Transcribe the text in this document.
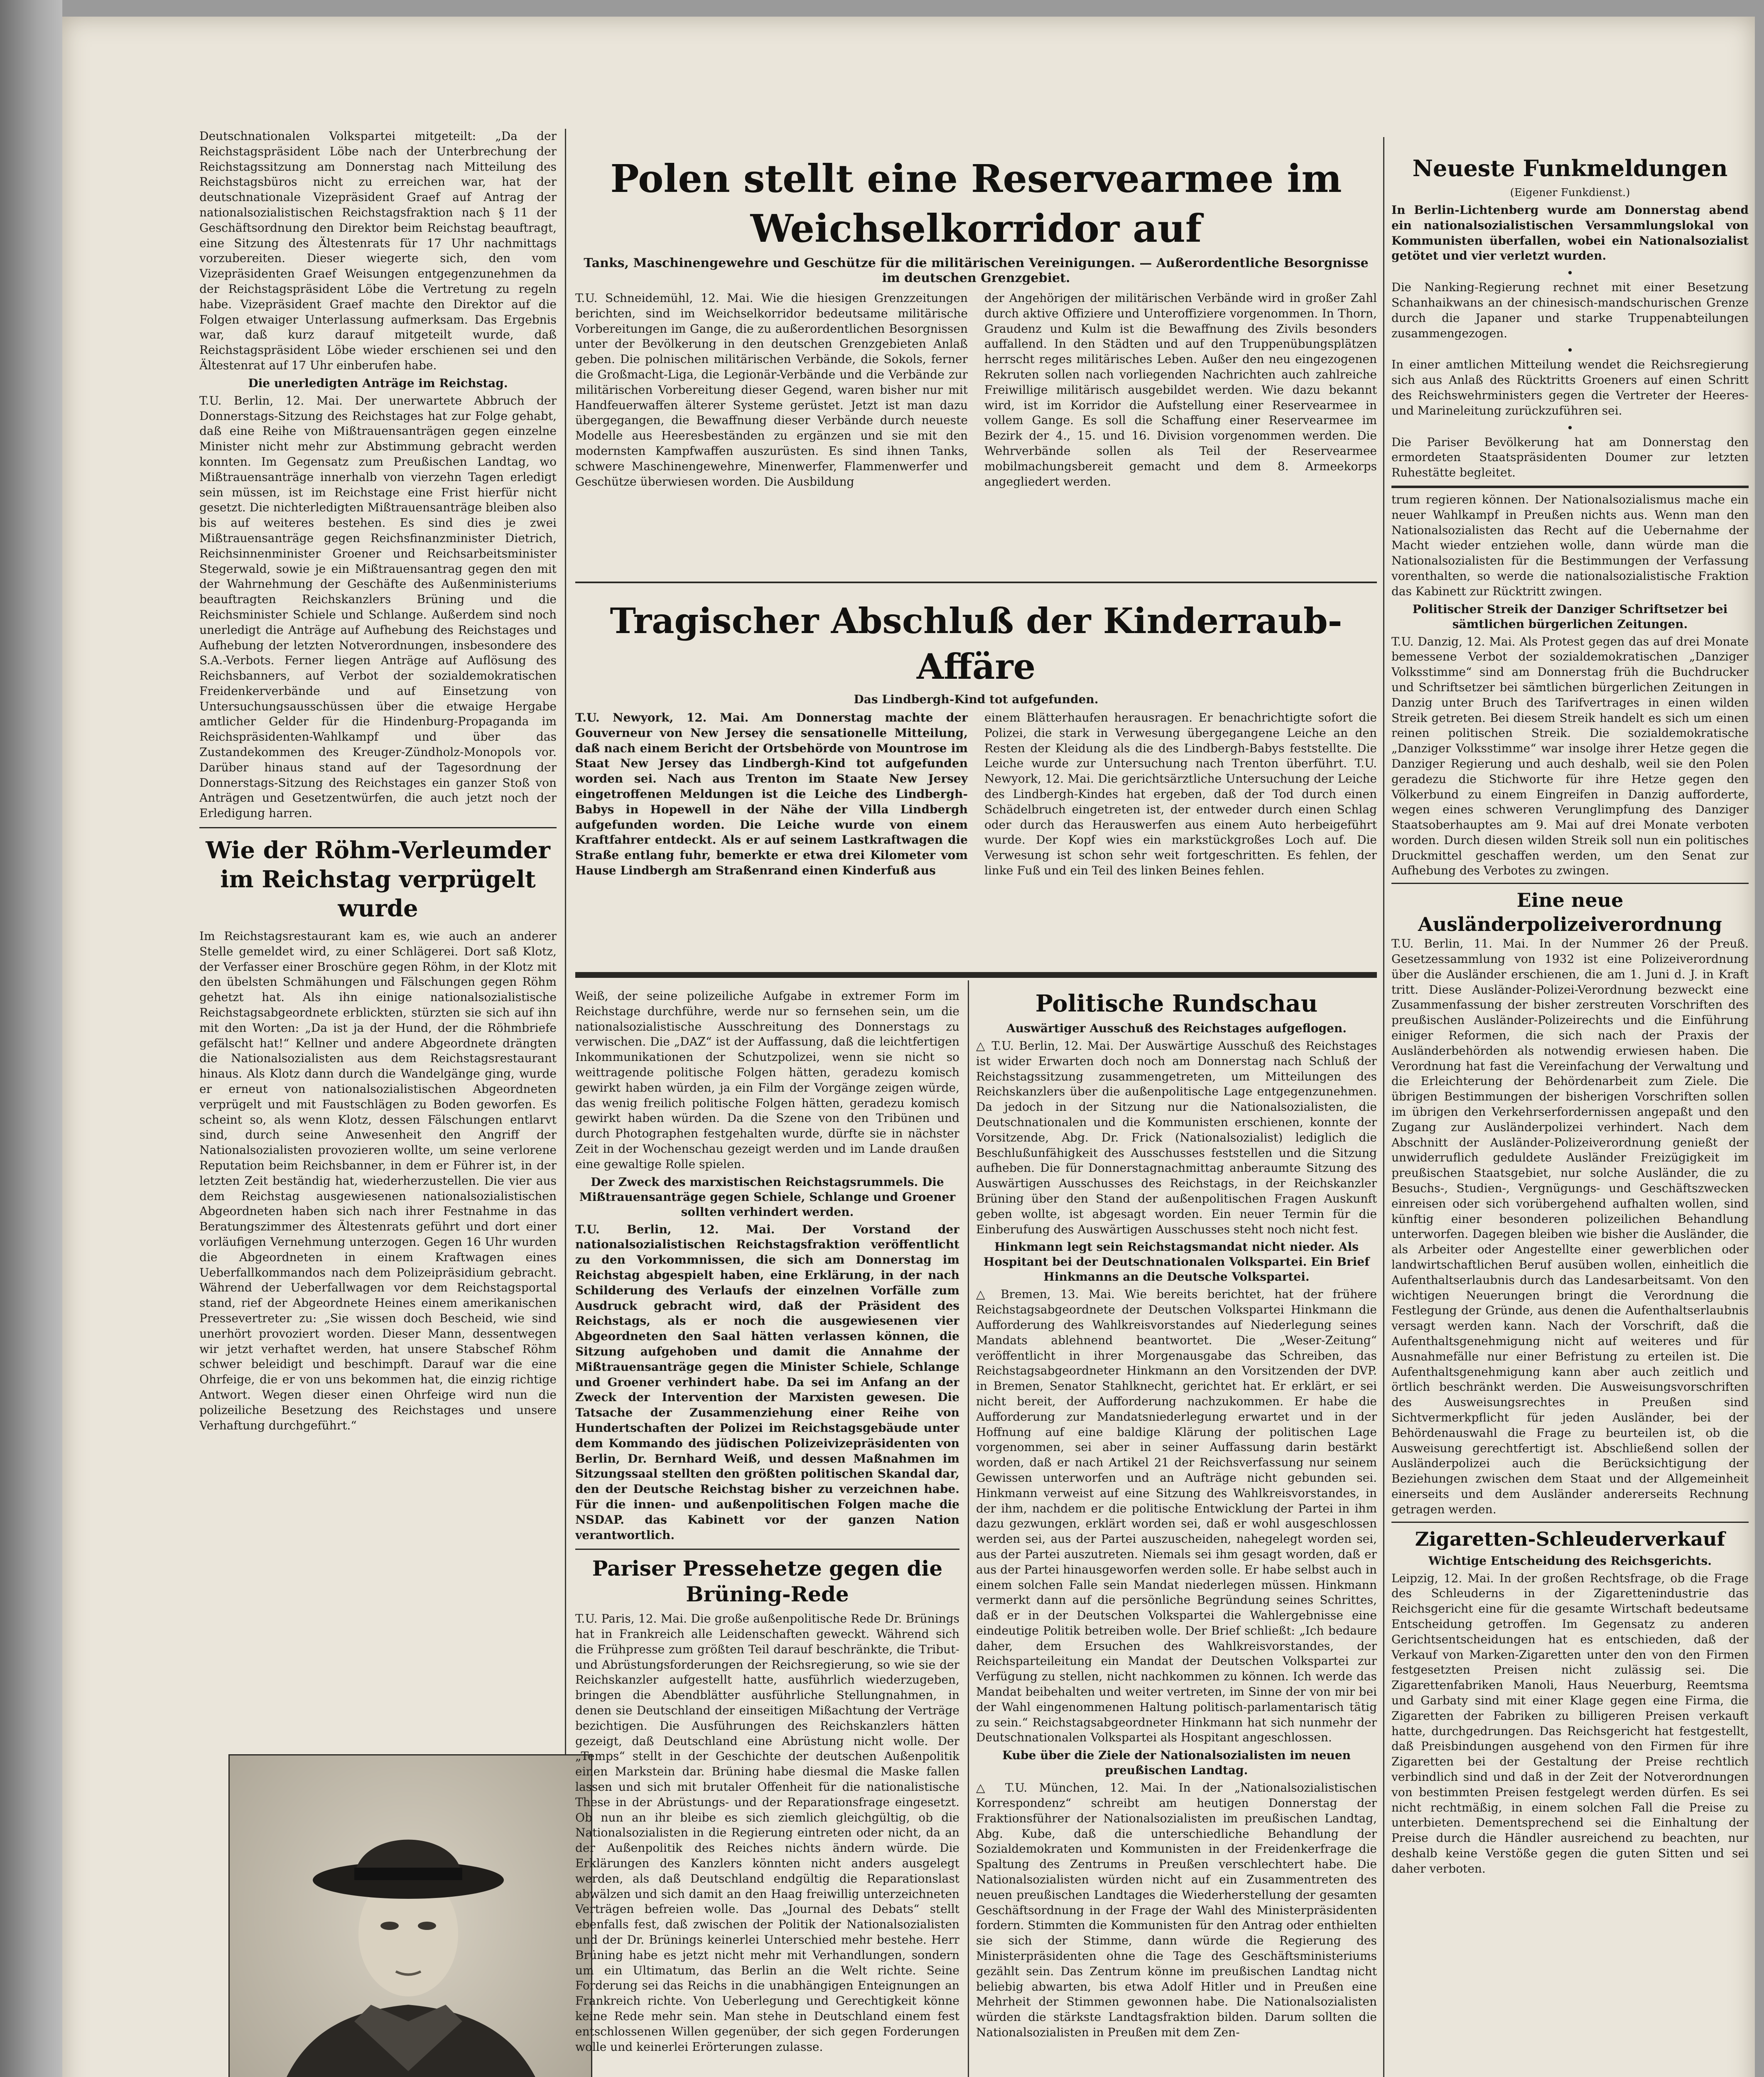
Deutschnationalen Volkspartei mitgeteilt: „Da der Reichstagspräsident Löbe nach der Unterbrechung der Reichstagssitzung am Donnerstag nach Mitteilung des Reichstagsbüros nicht zu erreichen war, hat der deutschnationale Vizepräsident Graef auf Antrag der nationalsozialistischen Reichstagsfraktion nach § 11 der Geschäftsordnung den Direktor beim Reichstag beauftragt, eine Sitzung des Ältestenrats für 17 Uhr nachmittags vorzubereiten. Dieser wiegerte sich, den vom Vizepräsidenten Graef Weisungen entgegenzunehmen da der Reichstagspräsident Löbe die Vertretung zu regeln habe. Vizepräsident Graef machte den Direktor auf die Folgen etwaiger Unterlassung aufmerksam. Das Ergebnis war, daß kurz darauf mitgeteilt wurde, daß Reichstagspräsident Löbe wieder erschienen sei und den Ältestenrat auf 17 Uhr einberufen habe.

Die unerledigten Anträge im Reichstag.

T.U. Berlin, 12. Mai. Der unerwartete Abbruch der Donnerstags-Sitzung des Reichstages hat zur Folge gehabt, daß eine Reihe von Mißtrauensanträgen gegen einzelne Minister nicht mehr zur Abstimmung gebracht werden konnten. Im Gegensatz zum Preußischen Landtag, wo Mißtrauensanträge innerhalb von vierzehn Tagen erledigt sein müssen, ist im Reichstage eine Frist hierfür nicht gesetzt. Die nichterledigten Mißtrauensanträge bleiben also bis auf weiteres bestehen. Es sind dies je zwei Mißtrauensanträge gegen Reichsfinanzminister Dietrich, Reichsinnenminister Groener und Reichsarbeitsminister Stegerwald, sowie je ein Mißtrauensantrag gegen den mit der Wahrnehmung der Geschäfte des Außenministeriums beauftragten Reichskanzlers Brüning und die Reichsminister Schiele und Schlange. Außerdem sind noch unerledigt die Anträge auf Aufhebung des Reichstages und Aufhebung der letzten Notverordnungen, insbesondere des S.A.-Verbots. Ferner liegen Anträge auf Auflösung des Reichsbanners, auf Verbot der sozialdemokratischen Freidenkerverbände und auf Einsetzung von Untersuchungsausschüssen über die etwaige Hergabe amtlicher Gelder für die Hindenburg-Propaganda im Reichspräsidenten-Wahlkampf und über das Zustandekommen des Kreuger-Zündholz-Monopols vor. Darüber hinaus stand auf der Tagesordnung der Donnerstags-Sitzung des Reichstages ein ganzer Stoß von Anträgen und Gesetzentwürfen, die auch jetzt noch der Erledigung harren.

Wie der Röhm-Verleumder im Reichstag verprügelt wurde

Im Reichstagsrestaurant kam es, wie auch an anderer Stelle gemeldet wird, zu einer Schlägerei. Dort saß Klotz, der Verfasser einer Broschüre gegen Röhm, in der Klotz mit den übelsten Schmähungen und Fälschungen gegen Röhm gehetzt hat. Als ihn einige nationalsozialistische Reichstagsabgeordnete erblickten, stürzten sie sich auf ihn mit den Worten: „Da ist ja der Hund, der die Röhmbriefe gefälscht hat!“ Kellner und andere Abgeordnete drängten die Nationalsozialisten aus dem Reichstagsrestaurant hinaus. Als Klotz dann durch die Wandelgänge ging, wurde er erneut von nationalsozialistischen Abgeordneten verprügelt und mit Faustschlägen zu Boden geworfen. Es scheint so, als wenn Klotz, dessen Fälschungen entlarvt sind, durch seine Anwesenheit den Angriff der Nationalsozialisten provozieren wollte, um seine verlorene Reputation beim Reichsbanner, in dem er Führer ist, in der letzten Zeit beständig hat, wiederherzustellen. Die vier aus dem Reichstag ausgewiesenen nationalsozialistischen Abgeordneten haben sich nach ihrer Festnahme in das Beratungszimmer des Ältestenrats geführt und dort einer vorläufigen Vernehmung unterzogen. Gegen 16 Uhr wurden die Abgeordneten in einem Kraftwagen eines Ueberfallkommandos nach dem Polizeipräsidium gebracht. Während der Ueberfallwagen vor dem Reichstagsportal stand, rief der Abgeordnete Heines einem amerikanischen Pressevertreter zu: „Sie wissen doch Bescheid, wie sind unerhört provoziert worden. Dieser Mann, dessentwegen wir jetzt verhaftet werden, hat unsere Stabschef Röhm schwer beleidigt und beschimpft. Darauf war die eine Ohrfeige, die er von uns bekommen hat, die einzig richtige Antwort. Wegen dieser einen Ohrfeige wird nun die polizeiliche Besetzung des Reichstages und unsere Verhaftung durchgeführt.“

Polen stellt eine Reservearmee im Weichselkorridor auf

Tanks, Maschinengewehre und Geschütze für die militärischen Vereinigungen. — Außerordentliche Besorgnisse im deutschen Grenzgebiet.

T.U. Schneidemühl, 12. Mai. Wie die hiesigen Grenzzeitungen berichten, sind im Weichselkorridor bedeutsame militärische Vorbereitungen im Gange, die zu außerordentlichen Besorgnissen unter der Bevölkerung in den deutschen Grenzgebieten Anlaß geben. Die polnischen militärischen Verbände, die Sokols, ferner die Großmacht-Liga, die Legionär-Verbände und die Verbände zur militärischen Vorbereitung dieser Gegend, waren bisher nur mit Handfeuerwaffen älterer Systeme gerüstet. Jetzt ist man dazu übergegangen, die Bewaffnung dieser Verbände durch neueste Modelle aus Heeresbeständen zu ergänzen und sie mit den modernsten Kampfwaffen auszurüsten. Es sind ihnen Tanks, schwere Maschinengewehre, Minenwerfer, Flammenwerfer und Geschütze überwiesen worden. Die Ausbildung

der Angehörigen der militärischen Verbände wird in großer Zahl durch aktive Offiziere und Unteroffiziere vorgenommen. In Thorn, Graudenz und Kulm ist die Bewaffnung des Zivils besonders auffallend. In den Städten und auf den Truppenübungsplätzen herrscht reges militärisches Leben. Außer den neu eingezogenen Rekruten sollen nach vorliegenden Nachrichten auch zahlreiche Freiwillige militärisch ausgebildet werden. Wie dazu bekannt wird, ist im Korridor die Aufstellung einer Reservearmee in vollem Gange. Es soll die Schaffung einer Reservearmee im Bezirk der 4., 15. und 16. Division vorgenommen werden. Die Wehrverbände sollen als Teil der Reservearmee mobilmachungsbereit gemacht und dem 8. Armeekorps angegliedert werden.

Tragischer Abschluß der Kinderraub-Affäre

Das Lindbergh-Kind tot aufgefunden.

T.U. Newyork, 12. Mai. Am Donnerstag machte der Gouverneur von New Jersey die sensationelle Mitteilung, daß nach einem Bericht der Ortsbehörde von Mountrose im Staat New Jersey das Lindbergh-Kind tot aufgefunden worden sei. Nach aus Trenton im Staate New Jersey eingetroffenen Meldungen ist die Leiche des Lindbergh-Babys in Hopewell in der Nähe der Villa Lindbergh aufgefunden worden. Die Leiche wurde von einem Kraftfahrer entdeckt. Als er auf seinem Lastkraftwagen die Straße entlang fuhr, bemerkte er etwa drei Kilometer vom Hause Lindbergh am Straßenrand einen Kinderfuß aus

einem Blätterhaufen herausragen. Er benachrichtigte sofort die Polizei, die stark in Verwesung übergegangene Leiche an den Resten der Kleidung als die des Lindbergh-Babys feststellte. Die Leiche wurde zur Untersuchung nach Trenton überführt. T.U. Newyork, 12. Mai. Die gerichtsärztliche Untersuchung der Leiche des Lindbergh-Kindes hat ergeben, daß der Tod durch einen Schädelbruch eingetreten ist, der entweder durch einen Schlag oder durch das Herauswerfen aus einem Auto herbeigeführt wurde. Der Kopf wies ein markstückgroßes Loch auf. Die Verwesung ist schon sehr weit fortgeschritten. Es fehlen, der linke Fuß und ein Teil des linken Beines fehlen.

Weiß, der seine polizeiliche Aufgabe in extremer Form im Reichstage durchführe, werde nur so fernsehen sein, um die nationalsozialistische Ausschreitung des Donnerstags zu verwischen. Die „DAZ“ ist der Auffassung, daß die leichtfertigen Inkommunikationen der Schutzpolizei, wenn sie nicht so weittragende politische Folgen hätten, geradezu komisch gewirkt haben würden, ja ein Film der Vorgänge zeigen würde, das wenig freilich politische Folgen hätten, geradezu komisch gewirkt haben würden. Da die Szene von den Tribünen und durch Photographen festgehalten wurde, dürfte sie in nächster Zeit in der Wochenschau gezeigt werden und im Lande draußen eine gewaltige Rolle spielen.

Der Zweck des marxistischen Reichstagsrummels. Die Mißtrauensanträge gegen Schiele, Schlange und Groener sollten verhindert werden.

T.U. Berlin, 12. Mai. Der Vorstand der nationalsozialistischen Reichstagsfraktion veröffentlicht zu den Vorkommnissen, die sich am Donnerstag im Reichstag abgespielt haben, eine Erklärung, in der nach Schilderung des Verlaufs der einzelnen Vorfälle zum Ausdruck gebracht wird, daß der Präsident des Reichstags, als er noch die ausgewiesenen vier Abgeordneten den Saal hätten verlassen können, die Sitzung aufgehoben und damit die Annahme der Mißtrauensanträge gegen die Minister Schiele, Schlange und Groener verhindert habe. Da sei im Anfang an der Zweck der Intervention der Marxisten gewesen. Die Tatsache der Zusammenziehung einer Reihe von Hundertschaften der Polizei im Reichstagsgebäude unter dem Kommando des jüdischen Polizeivizepräsidenten von Berlin, Dr. Bernhard Weiß, und dessen Maßnahmen im Sitzungssaal stellten den größten politischen Skandal dar, den der Deutsche Reichstag bisher zu verzeichnen habe. Für die innen- und außenpolitischen Folgen mache die NSDAP. das Kabinett vor der ganzen Nation verantwortlich.

Pariser Pressehetze gegen die Brüning-Rede

T.U. Paris, 12. Mai. Die große außenpolitische Rede Dr. Brünings hat in Frankreich alle Leidenschaften geweckt. Während sich die Frühpresse zum größten Teil darauf beschränkte, die Tribut- und Abrüstungsforderungen der Reichsregierung, so wie sie der Reichskanzler aufgestellt hatte, ausführlich wiederzugeben, bringen die Abendblätter ausführliche Stellungnahmen, in denen sie Deutschland der einseitigen Mißachtung der Verträge bezichtigen. Die Ausführungen des Reichskanzlers hätten gezeigt, daß Deutschland eine Abrüstung nicht wolle. Der „Temps“ stellt in der Geschichte der deutschen Außenpolitik einen Markstein dar. Brüning habe diesmal die Maske fallen lassen und sich mit brutaler Offenheit für die nationalistische These in der Abrüstungs- und der Reparationsfrage eingesetzt. Ob nun an ihr bleibe es sich ziemlich gleichgültig, ob die Nationalsozialisten in die Regierung eintreten oder nicht, da an der Außenpolitik des Reiches nichts ändern würde. Die Erklärungen des Kanzlers könnten nicht anders ausgelegt werden, als daß Deutschland endgültig die Reparationslast abwälzen und sich damit an den Haag freiwillig unterzeichneten Verträgen befreien wolle. Das „Journal des Debats“ stellt ebenfalls fest, daß zwischen der Politik der Nationalsozialisten und der Dr. Brünings keinerlei Unterschied mehr bestehe. Herr Brüning habe es jetzt nicht mehr mit Verhandlungen, sondern um ein Ultimatum, das Berlin an die Welt richte. Seine Forderung sei das Reichs in die unabhängigen Enteignungen an Frankreich richte. Von Ueberlegung und Gerechtigkeit könne keine Rede mehr sein. Man stehe in Deutschland einem fest entschlossenen Willen gegenüber, der sich gegen Forderungen wolle und keinerlei Erörterungen zulasse.

Politische Rundschau

Auswärtiger Ausschuß des Reichstages aufgeflogen.

△ T.U. Berlin, 12. Mai. Der Auswärtige Ausschuß des Reichstages ist wider Erwarten doch noch am Donnerstag nach Schluß der Reichstagssitzung zusammengetreten, um Mitteilungen des Reichskanzlers über die außenpolitische Lage entgegenzunehmen. Da jedoch in der Sitzung nur die Nationalsozialisten, die Deutschnationalen und die Kommunisten erschienen, konnte der Vorsitzende, Abg. Dr. Frick (Nationalsozialist) lediglich die Beschlußunfähigkeit des Ausschusses feststellen und die Sitzung aufheben. Die für Donnerstagnachmittag anberaumte Sitzung des Auswärtigen Ausschusses des Reichstags, in der Reichskanzler Brüning über den Stand der außenpolitischen Fragen Auskunft geben wollte, ist abgesagt worden. Ein neuer Termin für die Einberufung des Auswärtigen Ausschusses steht noch nicht fest.

Hinkmann legt sein Reichstagsmandat nicht nieder. Als Hospitant bei der Deutschnationalen Volkspartei. Ein Brief Hinkmanns an die Deutsche Volkspartei.

△ Bremen, 13. Mai. Wie bereits berichtet, hat der frühere Reichstagsabgeordnete der Deutschen Volkspartei Hinkmann die Aufforderung des Wahlkreisvorstandes auf Niederlegung seines Mandats ablehnend beantwortet. Die „Weser-Zeitung“ veröffentlicht in ihrer Morgenausgabe das Schreiben, das Reichstagsabgeordneter Hinkmann an den Vorsitzenden der DVP. in Bremen, Senator Stahlknecht, gerichtet hat. Er erklärt, er sei nicht bereit, der Aufforderung nachzukommen. Er habe die Aufforderung zur Mandatsniederlegung erwartet und in der Hoffnung auf eine baldige Klärung der politischen Lage vorgenommen, sei aber in seiner Auffassung darin bestärkt worden, daß er nach Artikel 21 der Reichsverfassung nur seinem Gewissen unterworfen und an Aufträge nicht gebunden sei. Hinkmann verweist auf eine Sitzung des Wahlkreisvorstandes, in der ihm, nachdem er die politische Entwicklung der Partei in ihm dazu gezwungen, erklärt worden sei, daß er wohl ausgeschlossen werden sei, aus der Partei auszuscheiden, nahegelegt worden sei, aus der Partei auszutreten. Niemals sei ihm gesagt worden, daß er aus der Partei hinausgeworfen werden solle. Er habe selbst auch in einem solchen Falle sein Mandat niederlegen müssen. Hinkmann vermerkt dann auf die persönliche Begründung seines Schrittes, daß er in der Deutschen Volkspartei die Wahlergebnisse eine eindeutige Politik betreiben wolle. Der Brief schließt: „Ich bedaure daher, dem Ersuchen des Wahlkreisvorstandes, der Reichsparteileitung ein Mandat der Deutschen Volkspartei zur Verfügung zu stellen, nicht nachkommen zu können. Ich werde das Mandat beibehalten und weiter vertreten, im Sinne der von mir bei der Wahl eingenommenen Haltung politisch-parlamentarisch tätig zu sein.“ Reichstagsabgeordneter Hinkmann hat sich nunmehr der Deutschnationalen Volkspartei als Hospitant angeschlossen.

Kube über die Ziele der Nationalsozialisten im neuen preußischen Landtag.

△ T.U. München, 12. Mai. In der „Nationalsozialistischen Korrespondenz“ schreibt am heutigen Donnerstag der Fraktionsführer der Nationalsozialisten im preußischen Landtag, Abg. Kube, daß die unterschiedliche Behandlung der Sozialdemokraten und Kommunisten in der Freidenkerfrage die Spaltung des Zentrums in Preußen verschlechtert habe. Die Nationalsozialisten würden nicht auf ein Zusammentreten des neuen preußischen Landtages die Wiederherstellung der gesamten Geschäftsordnung in der Frage der Wahl des Ministerpräsidenten fordern. Stimmten die Kommunisten für den Antrag oder enthielten sie sich der Stimme, dann würde die Regierung des Ministerpräsidenten ohne die Tage des Geschäftsministeriums gezählt sein. Das Zentrum könne im preußischen Landtag nicht beliebig abwarten, bis etwa Adolf Hitler und in Preußen eine Mehrheit der Stimmen gewonnen habe. Die Nationalsozialisten würden die stärkste Landtagsfraktion bilden. Darum sollten die Nationalsozialisten in Preußen mit dem Zen-

Neueste Funkmeldungen

(Eigener Funkdienst.)

In Berlin-Lichtenberg wurde am Donnerstag abend ein nationalsozialistischen Versammlungslokal von Kommunisten überfallen, wobei ein Nationalsozialist getötet und vier verletzt wurden.

•

Die Nanking-Regierung rechnet mit einer Besetzung Schanhaikwans an der chinesisch-mandschurischen Grenze durch die Japaner und starke Truppenabteilungen zusammengezogen.

•

In einer amtlichen Mitteilung wendet die Reichsregierung sich aus Anlaß des Rücktritts Groeners auf einen Schritt des Reichswehrministers gegen die Vertreter der Heeres- und Marineleitung zurückzuführen sei.

•

Die Pariser Bevölkerung hat am Donnerstag den ermordeten Staatspräsidenten Doumer zur letzten Ruhestätte begleitet.

trum regieren können. Der Nationalsozialismus mache ein neuer Wahlkampf in Preußen nichts aus. Wenn man den Nationalsozialisten das Recht auf die Uebernahme der Macht wieder entziehen wolle, dann würde man die Nationalsozialisten für die Bestimmungen der Verfassung vorenthalten, so werde die nationalsozialistische Fraktion das Kabinett zur Rücktritt zwingen.

Politischer Streik der Danziger Schriftsetzer bei sämtlichen bürgerlichen Zeitungen.

T.U. Danzig, 12. Mai. Als Protest gegen das auf drei Monate bemessene Verbot der sozialdemokratischen „Danziger Volksstimme“ sind am Donnerstag früh die Buchdrucker und Schriftsetzer bei sämtlichen bürgerlichen Zeitungen in Danzig unter Bruch des Tarifvertrages in einen wilden Streik getreten. Bei diesem Streik handelt es sich um einen reinen politischen Streik. Die sozialdemokratische „Danziger Volksstimme“ war insolge ihrer Hetze gegen die Danziger Regierung und auch deshalb, weil sie den Polen geradezu die Stichworte für ihre Hetze gegen den Völkerbund zu einem Eingreifen in Danzig aufforderte, wegen eines schweren Verunglimpfung des Danziger Staatsoberhauptes am 9. Mai auf drei Monate verboten worden. Durch diesen wilden Streik soll nun ein politisches Druckmittel geschaffen werden, um den Senat zur Aufhebung des Verbotes zu zwingen.

Eine neue Ausländerpolizeiverordnung

T.U. Berlin, 11. Mai. In der Nummer 26 der Preuß. Gesetzessammlung von 1932 ist eine Polizeiverordnung über die Ausländer erschienen, die am 1. Juni d. J. in Kraft tritt. Diese Ausländer-Polizei-Verordnung bezweckt eine Zusammenfassung der bisher zerstreuten Vorschriften des preußischen Ausländer-Polizeirechts und die Einführung einiger Reformen, die sich nach der Praxis der Ausländerbehörden als notwendig erwiesen haben. Die Verordnung hat fast die Vereinfachung der Verwaltung und die Erleichterung der Behördenarbeit zum Ziele. Die übrigen Bestimmungen der bisherigen Vorschriften sollen im übrigen den Verkehrserfordernissen angepaßt und den Zugang zur Ausländerpolizei verhindert. Nach dem Abschnitt der Ausländer-Polizeiverordnung genießt der unwiderruflich geduldete Ausländer Freizügigkeit im preußischen Staatsgebiet, nur solche Ausländer, die zu Besuchs-, Studien-, Vergnügungs- und Geschäftszwecken einreisen oder sich vorübergehend aufhalten wollen, sind künftig einer besonderen polizeilichen Behandlung unterworfen. Dagegen bleiben wie bisher die Ausländer, die als Arbeiter oder Angestellte einer gewerblichen oder landwirtschaftlichen Beruf ausüben wollen, einheitlich die Aufenthaltserlaubnis durch das Landesarbeitsamt. Von den wichtigen Neuerungen bringt die Verordnung die Festlegung der Gründe, aus denen die Aufenthaltserlaubnis versagt werden kann. Nach der Vorschrift, daß die Aufenthaltsgenehmigung nicht auf weiteres und für Ausnahmefälle nur einer Befristung zu erteilen ist. Die Aufenthaltsgenehmigung kann aber auch zeitlich und örtlich beschränkt werden. Die Ausweisungsvorschriften des Ausweisungsrechtes in Preußen sind Sichtvermerkpflicht für jeden Ausländer, bei der Behördenauswahl die Frage zu beurteilen ist, ob die Ausweisung gerechtfertigt ist. Abschließend sollen der Ausländerpolizei auch die Berücksichtigung der Beziehungen zwischen dem Staat und der Allgemeinheit einerseits und dem Ausländer andererseits Rechnung getragen werden.

Zigaretten-Schleuderverkauf

Wichtige Entscheidung des Reichsgerichts.

Leipzig, 12. Mai. In der großen Rechtsfrage, ob die Frage des Schleuderns in der Zigarettenindustrie das Reichsgericht eine für die gesamte Wirtschaft bedeutsame Entscheidung getroffen. Im Gegensatz zu anderen Gerichtsentscheidungen hat es entschieden, daß der Verkauf von Marken-Zigaretten unter den von den Firmen festgesetzten Preisen nicht zulässig sei. Die Zigarettenfabriken Manoli, Haus Neuerburg, Reemtsma und Garbaty sind mit einer Klage gegen eine Firma, die Zigaretten der Fabriken zu billigeren Preisen verkauft hatte, durchgedrungen. Das Reichsgericht hat festgestellt, daß Preisbindungen ausgehend von den Firmen für ihre Zigaretten bei der Gestaltung der Preise rechtlich verbindlich sind und daß in der Zeit der Notverordnungen von bestimmten Preisen festgelegt werden dürfen. Es sei nicht rechtmäßig, in einem solchen Fall die Preise zu unterbieten. Dementsprechend sei die Einhaltung der Preise durch die Händler ausreichend zu beachten, nur deshalb keine Verstöße gegen die guten Sitten und sei daher verboten.
